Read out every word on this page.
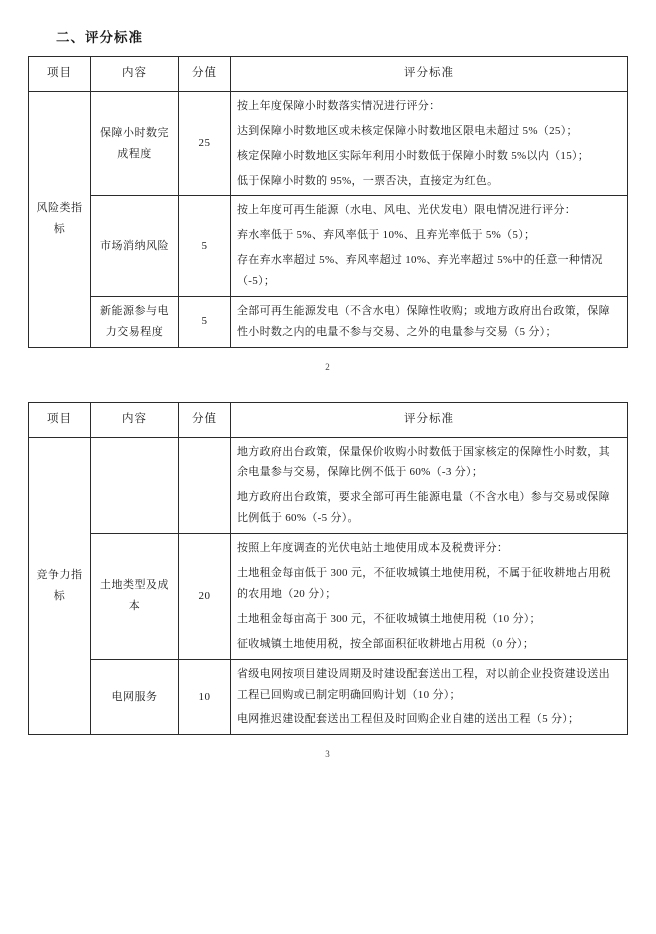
二、评分标准
项目	内容	分值	评分标准
风险类指标	保障小时数完成程度	25	按上年度保障小时数落实情况进行评分：

达到保障小时数地区或未核定保障小时数地区限电未超过 5%（25）；

核定保障小时数地区实际年利用小时数低于保障小时数 5%以内（15）；

低于保障小时数的 95%，一票否决，直接定为红色。

	市场消纳风险	5	按上年度可再生能源（水电、风电、光伏发电）限电情况进行评分：

弃水率低于 5%、弃风率低于 10%、且弃光率低于 5%（5）；

存在弃水率超过 5%、弃风率超过 10%、弃光率超过 5%中的任意一种情况（-5）；

	新能源参与电力交易程度	5	全部可再生能源发电（不含水电）保障性收购；或地方政府出台政策，保障性小时数之内的电量不参与交易、之外的电量参与交易（5 分）；

2
项目	内容	分值	评分标准
竞争力指标			地方政府出台政策，保量保价收购小时数低于国家核定的保障性小时数，其余电量参与交易，保障比例不低于 60%（-3 分）；

地方政府出台政策，要求全部可再生能源电量（不含水电）参与交易或保障比例低于 60%（-5 分）。

	土地类型及成本	20	按照上年度调查的光伏电站土地使用成本及税费评分：

土地租金每亩低于 300 元，不征收城镇土地使用税，不属于征收耕地占用税的农用地（20 分）；

土地租金每亩高于 300 元，不征收城镇土地使用税（10 分）；

征收城镇土地使用税，按全部面积征收耕地占用税（0 分）；

	电网服务	10	省级电网按项目建设周期及时建设配套送出工程，对以前企业投资建设送出工程已回购或已制定明确回购计划（10 分）；

电网推迟建设配套送出工程但及时回购企业自建的送出工程（5 分）；

3
